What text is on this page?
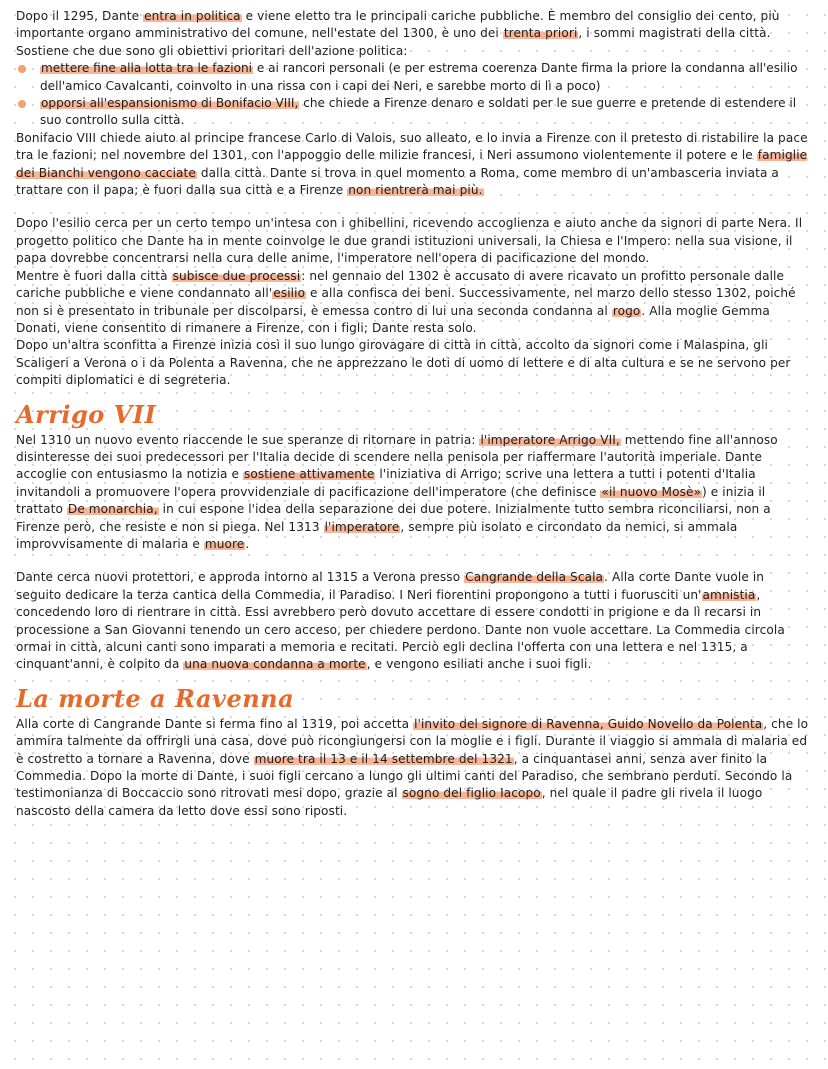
Dopo il 1295, Dante entra in politica e viene eletto tra le principali cariche pubbliche. È membro del consiglio dei cento, più importante organo amministrativo del comune, nell'estate del 1300, è uno dei trenta priori, i sommi magistrati della città. Sostiene che due sono gli obiettivi prioritari dell'azione politica:

mettere fine alla lotta tra le fazioni e ai rancori personali (e per estrema coerenza Dante firma la priore la condanna all'esilio dell'amico Cavalcanti, coinvolto in una rissa con i capi dei Neri, e sarebbe morto di lì a poco)
opporsi all'espansionismo di Bonifacio VIII, che chiede a Firenze denaro e soldati per le sue guerre e pretende di estendere il suo controllo sulla città.

Bonifacio VIII chiede aiuto al principe francese Carlo di Valois, suo alleato, e lo invia a Firenze con il pretesto di ristabilire la pace tra le fazioni; nel novembre del 1301, con l'appoggio delle milizie francesi, i Neri assumono violentemente il potere e le famiglie dei Bianchi vengono cacciate dalla città. Dante si trova in quel momento a Roma, come membro di un'ambasceria inviata a trattare con il papa; è fuori dalla sua città e a Firenze non rientrerà mai più.

Dopo l'esilio cerca per un certo tempo un'intesa con i ghibellini, ricevendo accoglienza e aiuto anche da signori di parte Nera. Il progetto politico che Dante ha in mente coinvolge le due grandi istituzioni universali, la Chiesa e l'Impero: nella sua visione, il papa dovrebbe concentrarsi nella cura delle anime, l'imperatore nell'opera di pacificazione del mondo.

Mentre è fuori dalla città subisce due processi: nel gennaio del 1302 è accusato di avere ricavato un profitto personale dalle cariche pubbliche e viene condannato all'esilio e alla confisca dei beni. Successivamente, nel marzo dello stesso 1302, poiché non si è presentato in tribunale per discolparsi, è emessa contro di lui una seconda condanna al rogo. Alla moglie Gemma Donati, viene consentito di rimanere a Firenze, con i figli; Dante resta solo.

Dopo un'altra sconfitta a Firenze inizia così il suo lungo girovagare di città in città, accolto da signori come i Malaspina, gli Scaligeri a Verona o i da Polenta a Ravenna, che ne apprezzano le doti di uomo di lettere e di alta cultura e se ne servono per compiti diplomatici e di segreteria.

Arrigo VII

Nel 1310 un nuovo evento riaccende le sue speranze di ritornare in patria: l'imperatore Arrigo VII, mettendo fine all'annoso disinteresse dei suoi predecessori per l'Italia decide di scendere nella penisola per riaffermare l'autorità imperiale. Dante accoglie con entusiasmo la notizia e sostiene attivamente l'iniziativa di Arrigo; scrive una lettera a tutti i potenti d'Italia invitandoli a promuovere l'opera provvidenziale di pacificazione dell'imperatore (che definisce «il nuovo Mosè») e inizia il trattato De monarchia, in cui espone l'idea della separazione dei due potere. Inizialmente tutto sembra riconciliarsi, non a Firenze però, che resiste e non si piega. Nel 1313 l'imperatore, sempre più isolato e circondato da nemici, si ammala improvvisamente di malaria e muore.

Dante cerca nuovi protettori, e approda intorno al 1315 a Verona presso Cangrande della Scala. Alla corte Dante vuole in seguito dedicare la terza cantica della Commedia, il Paradiso. I Neri fiorentini propongono a tutti i fuorusciti un'amnistia, concedendo loro di rientrare in città. Essi avrebbero però dovuto accettare di essere condotti in prigione e da lì recarsi in processione a San Giovanni tenendo un cero acceso, per chiedere perdono. Dante non vuole accettare. La Commedia circola ormai in città, alcuni canti sono imparati a memoria e recitati. Perciò egli declina l'offerta con una lettera e nel 1315, a cinquant'anni, è colpito da una nuova condanna a morte, e vengono esiliati anche i suoi figli.

La morte a Ravenna

Alla corte di Cangrande Dante si ferma fino al 1319, poi accetta l'invito del signore di Ravenna, Guido Novello da Polenta, che lo ammira talmente da offrirgli una casa, dove può ricongiungersi con la moglie e i figli. Durante il viaggio si ammala di malaria ed è costretto a tornare a Ravenna, dove muore tra il 13 e il 14 settembre del 1321, a cinquantasei anni, senza aver finito la Commedia. Dopo la morte di Dante, i suoi figli cercano a lungo gli ultimi canti del Paradiso, che sembrano perduti. Secondo la testimonianza di Boccaccio sono ritrovati mesi dopo, grazie al sogno del figlio Iacopo, nel quale il padre gli rivela il luogo nascosto della camera da letto dove essi sono riposti.
